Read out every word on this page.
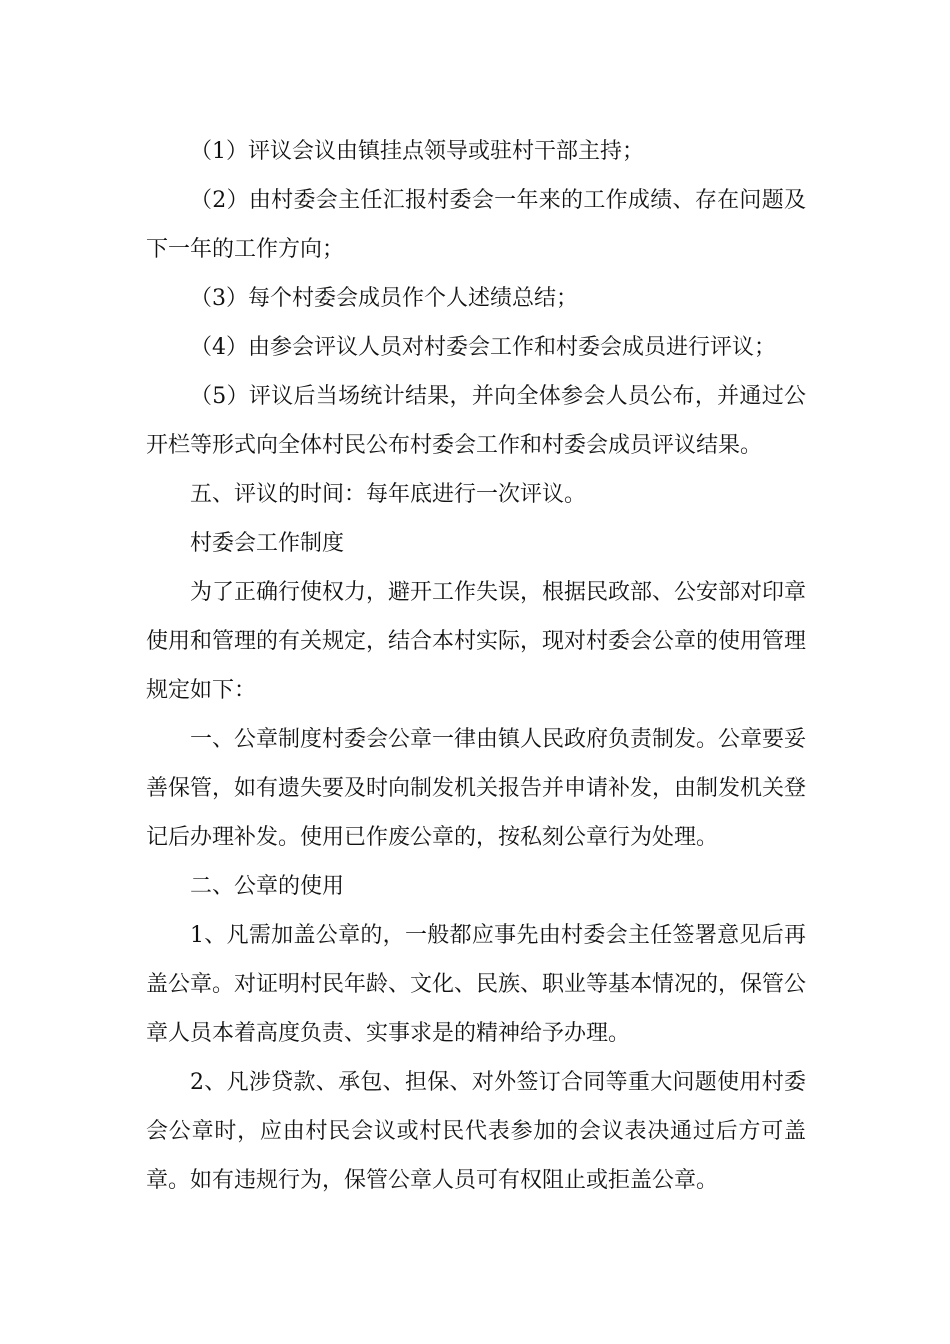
（1）评议会议由镇挂点领导或驻村干部主持；

（2）由村委会主任汇报村委会一年来的工作成绩、存在问题及下一年的工作方向；

（3）每个村委会成员作个人述绩总结；

（4）由参会评议人员对村委会工作和村委会成员进行评议；

（5）评议后当场统计结果，并向全体参会人员公布，并通过公开栏等形式向全体村民公布村委会工作和村委会成员评议结果。

五、评议的时间：每年底进行一次评议。

村委会工作制度

为了正确行使权力，避开工作失误，根据民政部、公安部对印章使用和管理的有关规定，结合本村实际，现对村委会公章的使用管理规定如下：

一、公章制度村委会公章一律由镇人民政府负责制发。公章要妥善保管，如有遗失要及时向制发机关报告并申请补发，由制发机关登记后办理补发。使用已作废公章的，按私刻公章行为处理。

二、公章的使用

1、凡需加盖公章的，一般都应事先由村委会主任签署意见后再盖公章。对证明村民年龄、文化、民族、职业等基本情况的，保管公章人员本着高度负责、实事求是的精神给予办理。

2、凡涉贷款、承包、担保、对外签订合同等重大问题使用村委会公章时，应由村民会议或村民代表参加的会议表决通过后方可盖章。如有违规行为，保管公章人员可有权阻止或拒盖公章。
